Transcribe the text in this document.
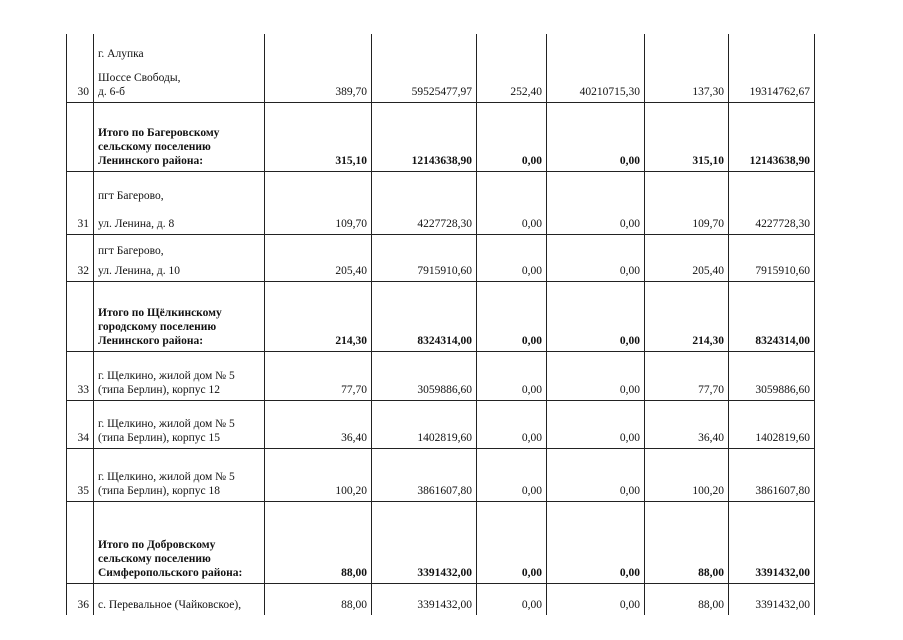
30	г. Алупка
Шоссе Свободы,
д. 6-б	389,70	59525477,97	252,40	40210715,30	137,30	19314762,67

	Итого по Багеровскому
сельскому поселению
Ленинского района:	315,10	12143638,90	0,00	0,00	315,10	12143638,90
31	пгт Багерово,
ул. Ленина, д. 8	109,70	4227728,30	0,00	0,00	109,70	4227728,30
32	пгт Багерово,
ул. Ленина, д. 10	205,40	7915910,60	0,00	0,00	205,40	7915910,60

	Итого по Щёлкинскому
городскому поселению
Ленинского района:	214,30	8324314,00	0,00	0,00	214,30	8324314,00
33	г. Щелкино, жилой дом № 5
(типа Берлин), корпус 12	77,70	3059886,60	0,00	0,00	77,70	3059886,60
34	г. Щелкино, жилой дом № 5
(типа Берлин), корпус 15	36,40	1402819,60	0,00	0,00	36,40	1402819,60
35	г. Щелкино, жилой дом № 5
(типа Берлин), корпус 18	100,20	3861607,80	0,00	0,00	100,20	3861607,80

	Итого по Добровскому
сельскому поселению
Симферопольского района:	88,00	3391432,00	0,00	0,00	88,00	3391432,00
36	с. Перевальное (Чайковское),	88,00	3391432,00	0,00	0,00	88,00	3391432,00
